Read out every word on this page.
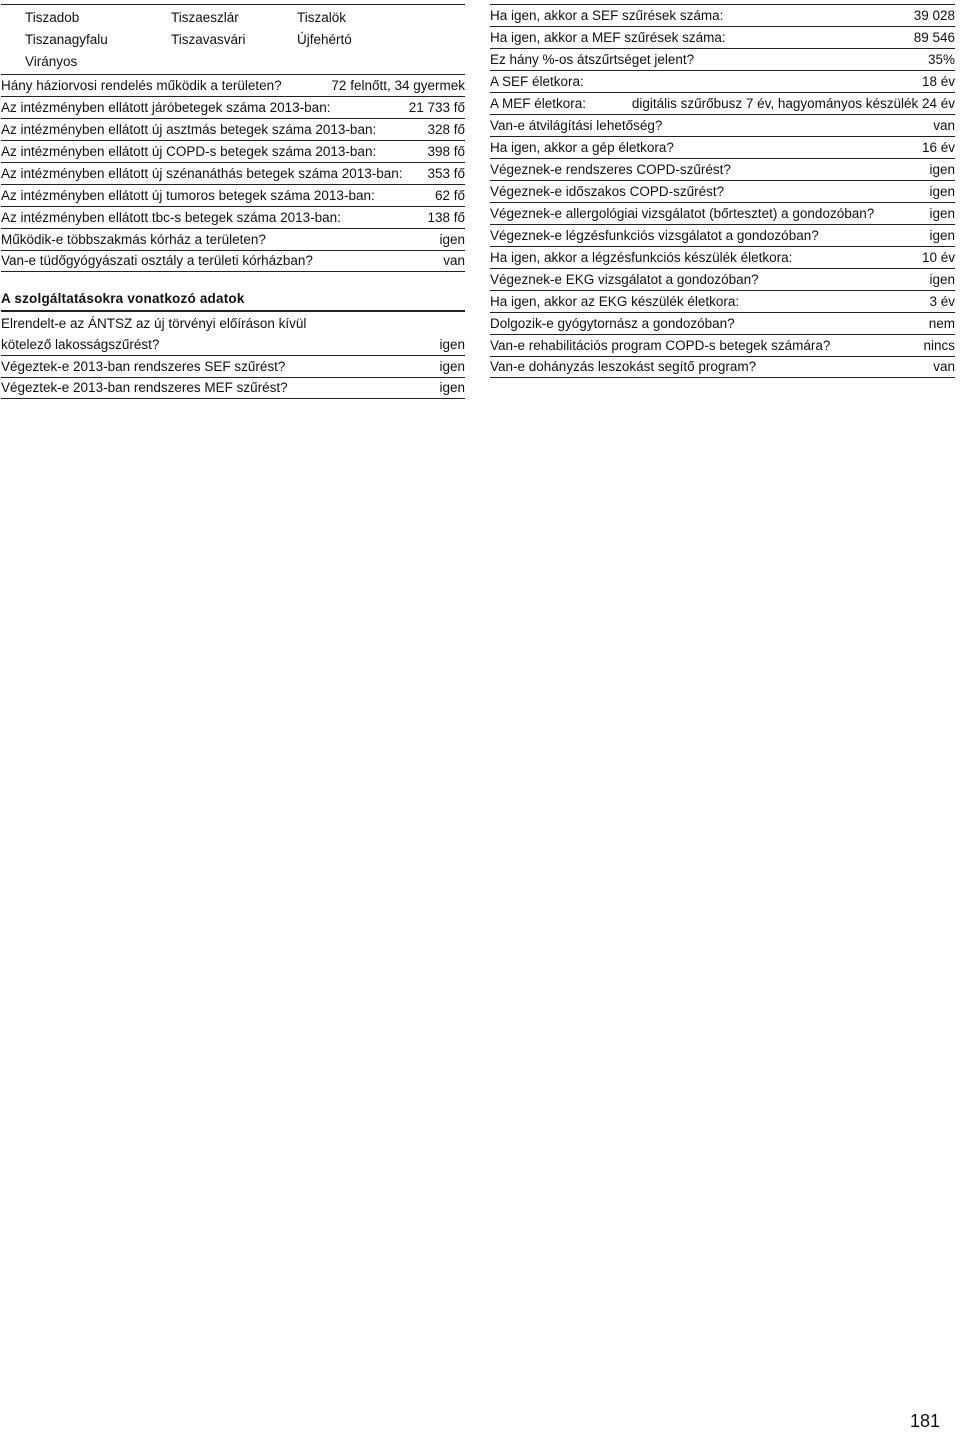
Tiszadob	Tiszaeszlár	Tiszalök
Tiszanagyfalu	Tiszavasvári	Újfehértó
Virányos
Hány háziorvosi rendelés működik a területen?	72 felnőtt, 34 gyermek
Az intézményben ellátott járóbetegek száma 2013-ban:	21 733 fő
Az intézményben ellátott új asztmás betegek száma 2013-ban:	328 fő
Az intézményben ellátott új COPD-s betegek száma 2013-ban:	398 fő
Az intézményben ellátott új szénanáthás betegek száma 2013-ban:	353 fő
Az intézményben ellátott új tumoros betegek száma 2013-ban:	62 fő
Az intézményben ellátott tbc-s betegek száma 2013-ban:	138 fő
Működik-e többszakmás kórház a területen?	igen
Van-e tüdőgyógyászati osztály a területi kórházban?	van
A szolgáltatásokra vonatkozó adatok
Elrendelt-e az ÁNTSZ az új törvényi előíráson kívül
kötelező lakosságszűrést?	igen
Végeztek-e 2013-ban rendszeres SEF szűrést?	igen
Végeztek-e 2013-ban rendszeres MEF szűrést?	igen
Ha igen, akkor a SEF szűrések száma:	39 028
Ha igen, akkor a MEF szűrések száma:	89 546
Ez hány %-os átszűrtséget jelent?	35%
A SEF életkora:	18 év
A MEF életkora:	digitális szűrőbusz 7 év, hagyományos készülék 24 év
Van-e átvilágítási lehetőség?	van
Ha igen, akkor a gép életkora?	16 év
Végeznek-e rendszeres COPD-szűrést?	igen
Végeznek-e időszakos COPD-szűrést?	igen
Végeznek-e allergológiai vizsgálatot (bőrtesztet) a gondozóban?	igen
Végeznek-e légzésfunkciós vizsgálatot a gondozóban?	igen
Ha igen, akkor a légzésfunkciós készülék életkora:	10 év
Végeznek-e EKG vizsgálatot a gondozóban?	igen
Ha igen, akkor az EKG készülék életkora:	3 év
Dolgozik-e gyógytornász a gondozóban?	nem
Van-e rehabilitációs program COPD-s betegek számára?	nincs
Van-e dohányzás leszokást segítő program?	van
181
